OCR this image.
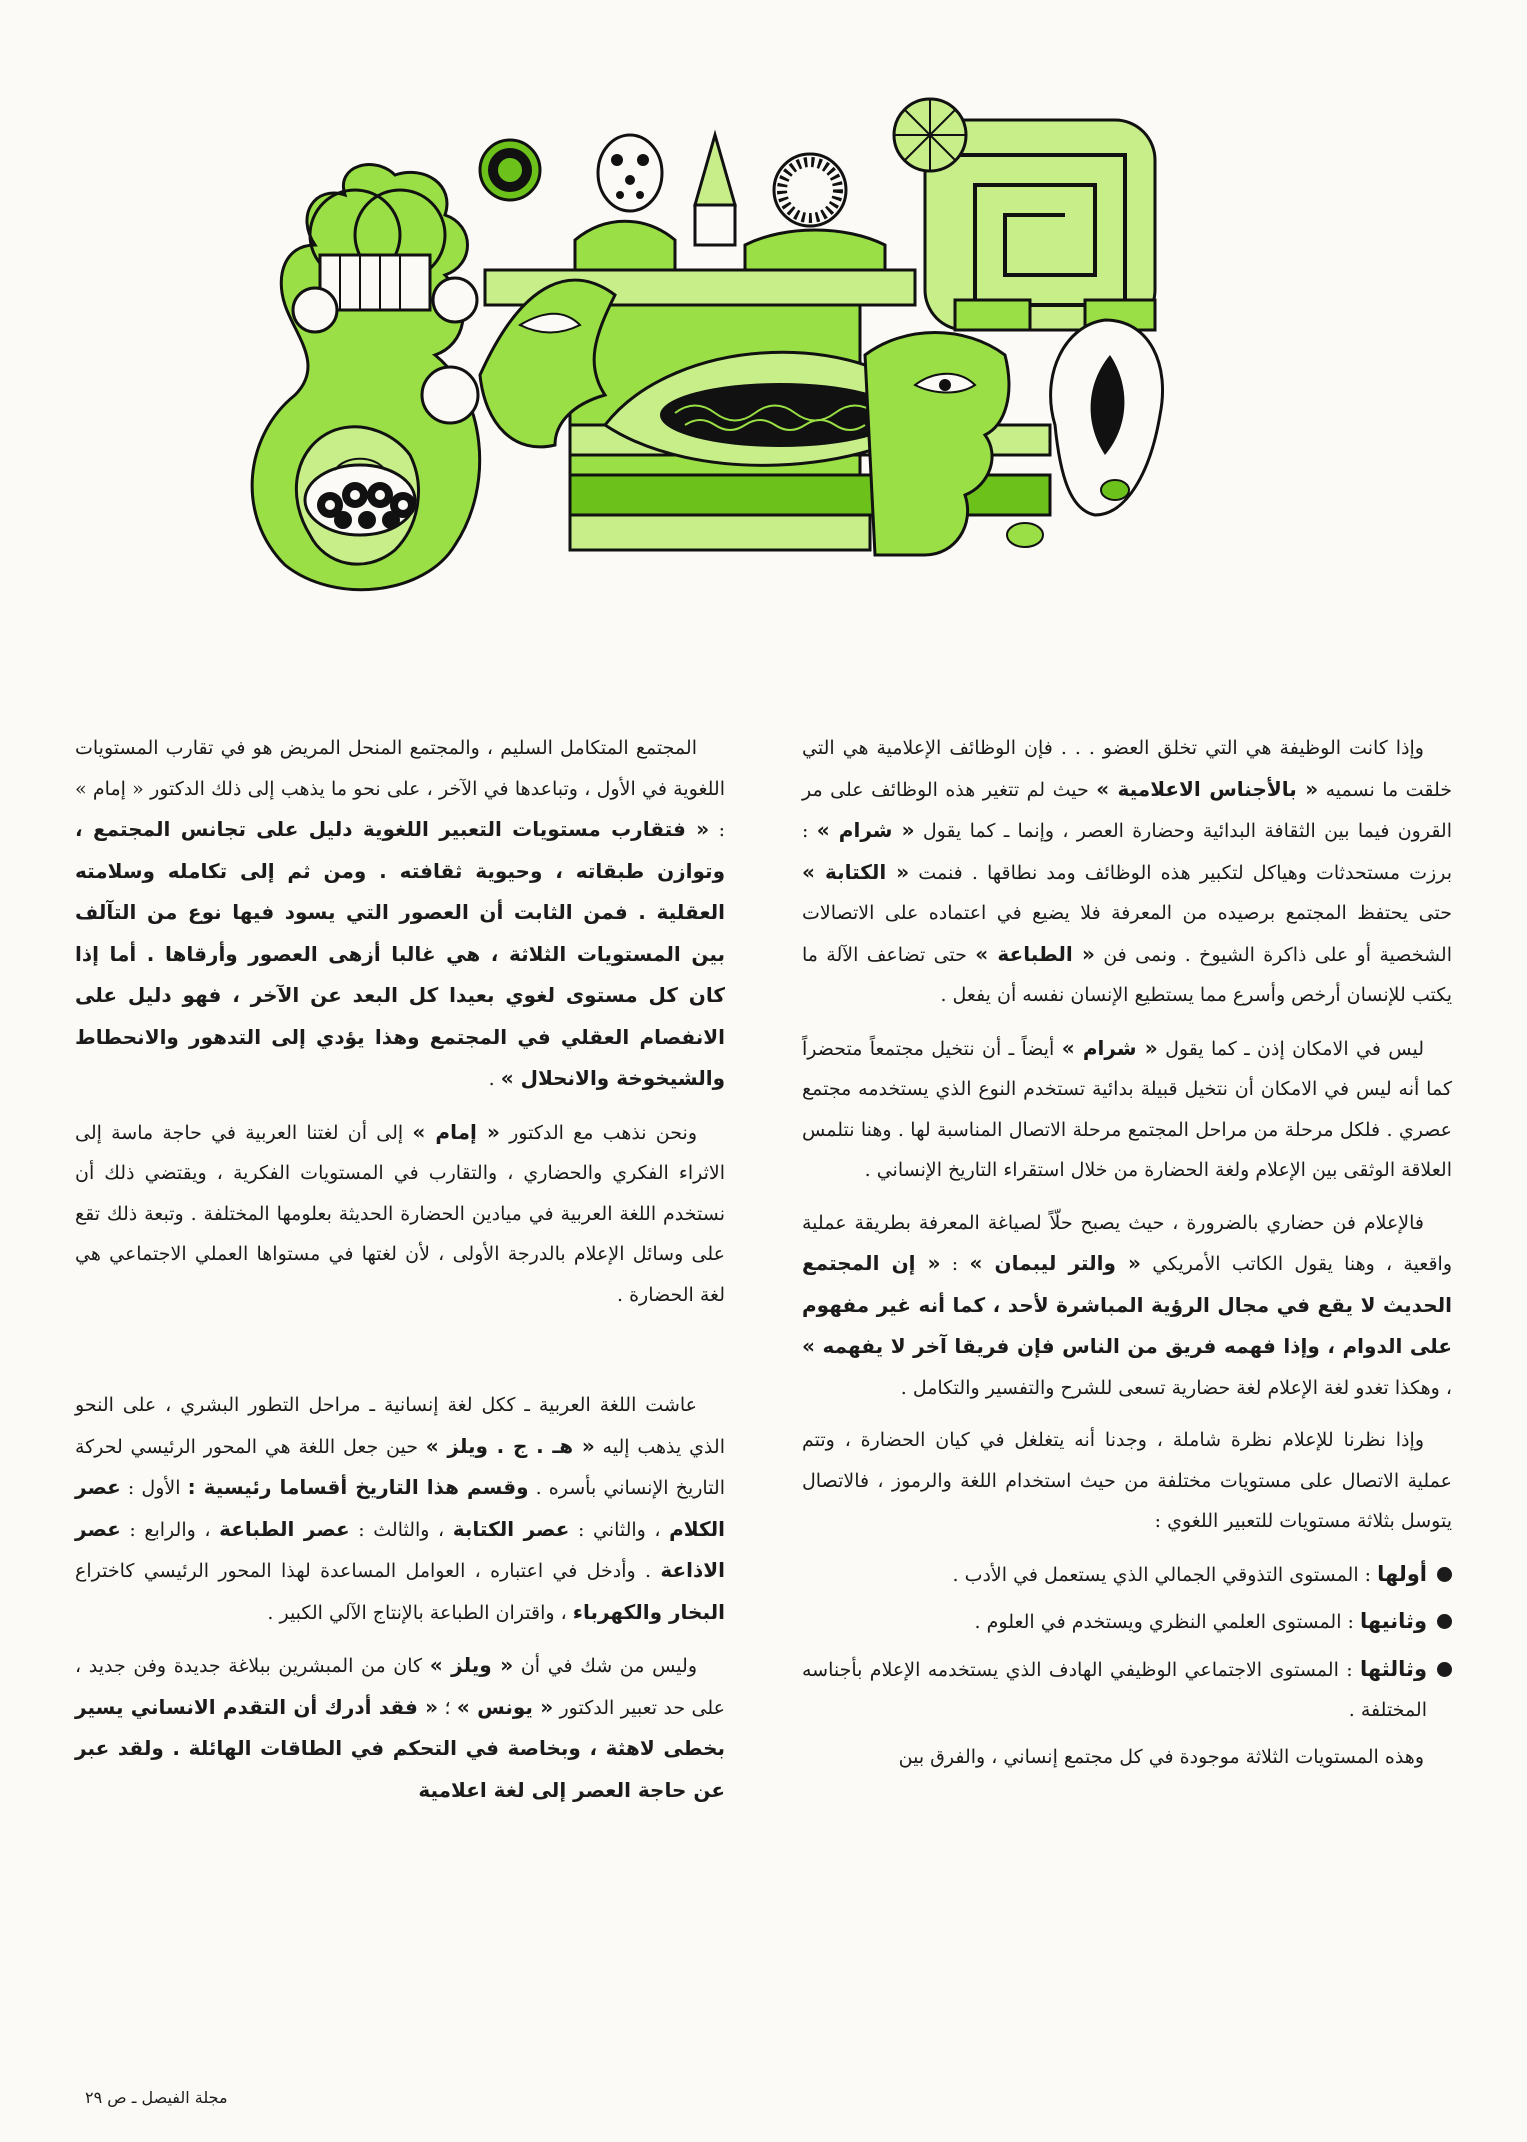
وإذا كانت الوظيفة هي التي تخلق العضو . . . فإن الوظائف الإعلامية هي التي خلقت ما نسميه « بالأجناس الاعلامية » حيث لم تتغير هذه الوظائف على مر القرون فيما بين الثقافة البدائية وحضارة العصر ، وإنما ـ كما يقول « شرام » : برزت مستحدثات وهياكل لتكبير هذه الوظائف ومد نطاقها . فنمت « الكتابة » حتى يحتفظ المجتمع برصيده من المعرفة فلا يضيع في اعتماده على الاتصالات الشخصية أو على ذاكرة الشيوخ . ونمى فن « الطباعة » حتى تضاعف الآلة ما يكتب للإنسان أرخص وأسرع مما يستطيع الإنسان نفسه أن يفعل .

ليس في الامكان إذن ـ كما يقول « شرام » أيضاً ـ أن نتخيل مجتمعاً متحضراً كما أنه ليس في الامكان أن نتخيل قبيلة بدائية تستخدم النوع الذي يستخدمه مجتمع عصري . فلكل مرحلة من مراحل المجتمع مرحلة الاتصال المناسبة لها . وهنا نتلمس العلاقة الوثقى بين الإعلام ولغة الحضارة من خلال استقراء التاريخ الإنساني .

فالإعلام فن حضاري بالضرورة ، حيث يصبح حلّاً لصياغة المعرفة بطريقة عملية واقعية ، وهنا يقول الكاتب الأمريكي « والتر ليبمان » : « إن المجتمع الحديث لا يقع في مجال الرؤية المباشرة لأحد ، كما أنه غير مفهوم على الدوام ، وإذا فهمه فريق من الناس فإن فريقا آخر لا يفهمه » ، وهكذا تغدو لغة الإعلام لغة حضارية تسعى للشرح والتفسير والتكامل .

وإذا نظرنا للإعلام نظرة شاملة ، وجدنا أنه يتغلغل في كيان الحضارة ، وتتم عملية الاتصال على مستويات مختلفة من حيث استخدام اللغة والرموز ، فالاتصال يتوسل بثلاثة مستويات للتعبير اللغوي :

أولها : المستوى التذوقي الجمالي الذي يستعمل في الأدب .

وثانيها : المستوى العلمي النظري ويستخدم في العلوم .

وثالثها : المستوى الاجتماعي الوظيفي الهادف الذي يستخدمه الإعلام بأجناسه المختلفة .

وهذه المستويات الثلاثة موجودة في كل مجتمع إنساني ، والفرق بين

المجتمع المتكامل السليم ، والمجتمع المنحل المريض هو في تقارب المستويات اللغوية في الأول ، وتباعدها في الآخر ، على نحو ما يذهب إلى ذلك الدكتور « إمام » : « فتقارب مستويات التعبير اللغوية دليل على تجانس المجتمع ، وتوازن طبقاته ، وحيوية ثقافته . ومن ثم إلى تكامله وسلامته العقلية . فمن الثابت أن العصور التي يسود فيها نوع من التآلف بين المستويات الثلاثة ، هي غالبا أزهى العصور وأرقاها . أما إذا كان كل مستوى لغوي بعيدا كل البعد عن الآخر ، فهو دليل على الانفصام العقلي في المجتمع وهذا يؤدي إلى التدهور والانحطاط والشيخوخة والانحلال » .

ونحن نذهب مع الدكتور « إمام » إلى أن لغتنا العربية في حاجة ماسة إلى الاثراء الفكري والحضاري ، والتقارب في المستويات الفكرية ، ويقتضي ذلك أن نستخدم اللغة العربية في ميادين الحضارة الحديثة بعلومها المختلفة . وتبعة ذلك تقع على وسائل الإعلام بالدرجة الأولى ، لأن لغتها في مستواها العملي الاجتماعي هي لغة الحضارة .

عاشت اللغة العربية ـ ككل لغة إنسانية ـ مراحل التطور البشري ، على النحو الذي يذهب إليه « هـ . ج . ويلز » حين جعل اللغة هي المحور الرئيسي لحركة التاريخ الإنساني بأسره . وقسم هذا التاريخ أقساما رئيسية : الأول : عصر الكلام ، والثاني : عصر الكتابة ، والثالث : عصر الطباعة ، والرابع : عصر الاذاعة . وأدخل في اعتباره ، العوامل المساعدة لهذا المحور الرئيسي كاختراع البخار والكهرباء ، واقتران الطباعة بالإنتاج الآلي الكبير .

وليس من شك في أن « ويلز » كان من المبشرين ببلاغة جديدة وفن جديد ، على حد تعبير الدكتور « يونس » ؛ « فقد أدرك أن التقدم الانساني يسير بخطى لاهثة ، وبخاصة في التحكم في الطاقات الهائلة . ولقد عبر عن حاجة العصر إلى لغة اعلامية

مجلة الفيصل ـ ص ٢٩
